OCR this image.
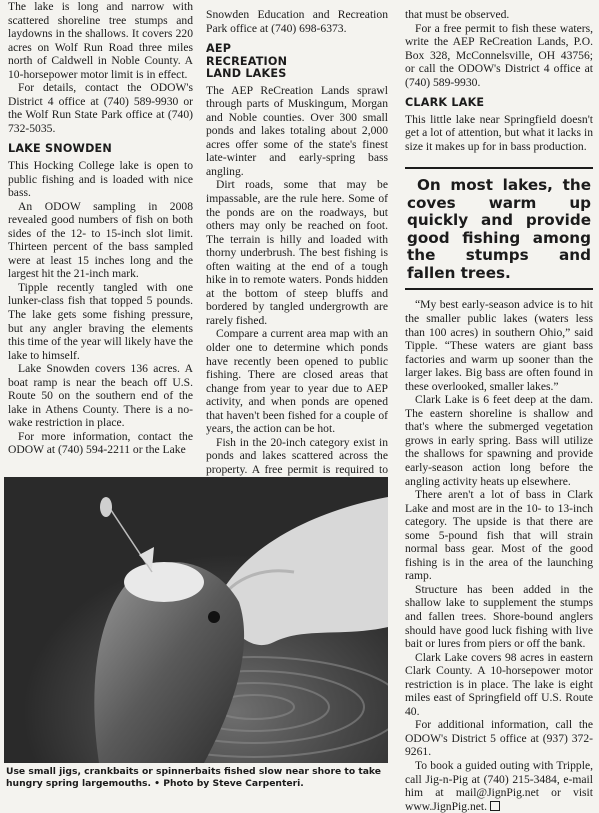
The lake is long and narrow with scattered shoreline tree stumps and laydowns in the shallows. It covers 220 acres on Wolf Run Road three miles north of Caldwell in Noble County. A 10-horsepower motor limit is in effect.

For details, contact the ODOW's District 4 office at (740) 589-9930 or the Wolf Run State Park office at (740) 732-5035.

LAKE SNOWDEN

This Hocking College lake is open to public fishing and is loaded with nice bass.

An ODOW sampling in 2008 revealed good numbers of fish on both sides of the 12- to 15-inch slot limit. Thirteen percent of the bass sampled were at least 15 inches long and the largest hit the 21-inch mark.

Tipple recently tangled with one lunker-class fish that topped 5 pounds. The lake gets some fishing pressure, but any angler braving the elements this time of the year will likely have the lake to himself.

Lake Snowden covers 136 acres. A boat ramp is near the beach off U.S. Route 50 on the southern end of the lake in Athens County. There is a no-wake restriction in place.

For more information, contact the ODOW at (740) 594-2211 or the Lake

Snowden Education and Recreation Park office at (740) 698-6373.

AEP RECREATION LAND LAKES

The AEP ReCreation Lands sprawl through parts of Muskingum, Morgan and Noble counties. Over 300 small ponds and lakes totaling about 2,000 acres offer some of the state's finest late-winter and early-spring bass angling.

Dirt roads, some that may be impassable, are the rule here. Some of the ponds are on the roadways, but others may only be reached on foot. The terrain is hilly and loaded with thorny underbrush. The best fishing is often waiting at the end of a tough hike in to remote waters. Ponds hidden at the bottom of steep bluffs and bordered by tangled undergrowth are rarely fished.

Compare a current area map with an older one to determine which ponds have recently been opened to public fishing. There are closed areas that change from year to year due to AEP activity, and when ponds are opened that haven't been fished for a couple of years, the action can be hot.

Fish in the 20-inch category exist in ponds and lakes scattered across the property. A free permit is required to

that must be observed.

For a free permit to fish these waters, write the AEP ReCreation Lands, P.O. Box 328, McConnelsville, OH 43756; or call the ODOW's District 4 office at (740) 589-9930.

CLARK LAKE

This little lake near Springfield doesn't get a lot of attention, but what it lacks in size it makes up for in bass production.

On most lakes, the coves warm up quickly and provide good fishing among the stumps and fallen trees.

“My best early-season advice is to hit the smaller public lakes (waters less than 100 acres) in southern Ohio,” said Tipple. “These waters are giant bass factories and warm up sooner than the larger lakes. Big bass are often found in these overlooked, smaller lakes.”

Clark Lake is 6 feet deep at the dam. The eastern shoreline is shallow and that's where the submerged vegetation grows in early spring. Bass will utilize the shallows for spawning and provide early-season action long before the angling activity heats up elsewhere.

There aren't a lot of bass in Clark Lake and most are in the 10- to 13-inch category. The upside is that there are some 5-pound fish that will strain normal bass gear. Most of the good fishing is in the area of the launching ramp.

Structure has been added in the shallow lake to supplement the stumps and fallen trees. Shore-bound anglers should have good luck fishing with live bait or lures from piers or off the bank.

Clark Lake covers 98 acres in eastern Clark County. A 10-horsepower motor restriction is in place. The lake is eight miles east of Springfield off U.S. Route 40.

For additional information, call the ODOW's District 5 office at (937) 372-9261.

To book a guided outing with Tripple, call Jig-n-Pig at (740) 215-3484, e-mail him at mail@JignPig.net or visit www.JignPig.net.

Use small jigs, crankbaits or spinnerbaits fished slow near shore to take hungry spring largemouths. • Photo by Steve Carpenteri.
